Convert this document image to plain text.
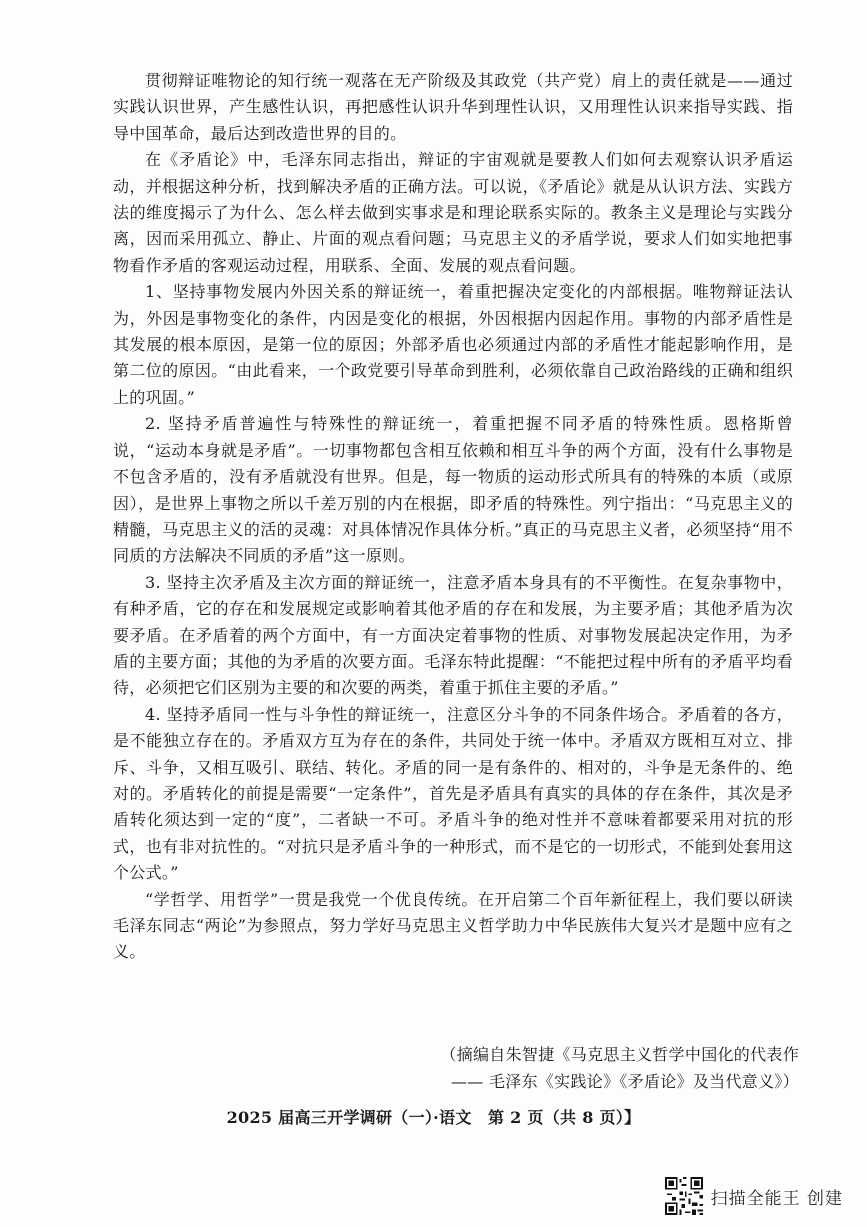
贯彻辩证唯物论的知行统一观落在无产阶级及其政党（共产党）肩上的责任就是——通过实践认识世界，产生感性认识，再把感性认识升华到理性认识，又用理性认识来指导实践、指导中国革命，最后达到改造世界的目的。

在《矛盾论》中，毛泽东同志指出，辩证的宇宙观就是要教人们如何去观察认识矛盾运动，并根据这种分析，找到解决矛盾的正确方法。可以说，《矛盾论》就是从认识方法、实践方法的维度揭示了为什么、怎么样去做到实事求是和理论联系实际的。教条主义是理论与实践分离，因而采用孤立、静止、片面的观点看问题；马克思主义的矛盾学说，要求人们如实地把事物看作矛盾的客观运动过程，用联系、全面、发展的观点看问题。

1、坚持事物发展内外因关系的辩证统一，着重把握决定变化的内部根据。唯物辩证法认为，外因是事物变化的条件，内因是变化的根据，外因根据内因起作用。事物的内部矛盾性是其发展的根本原因，是第一位的原因；外部矛盾也必须通过内部的矛盾性才能起影响作用，是第二位的原因。“由此看来，一个政党要引导革命到胜利，必须依靠自己政治路线的正确和组织上的巩固。”

2. 坚持矛盾普遍性与特殊性的辩证统一，着重把握不同矛盾的特殊性质。恩格斯曾说，“运动本身就是矛盾”。一切事物都包含相互依赖和相互斗争的两个方面，没有什么事物是不包含矛盾的，没有矛盾就没有世界。但是，每一物质的运动形式所具有的特殊的本质（或原因），是世界上事物之所以千差万别的内在根据，即矛盾的特殊性。列宁指出：“马克思主义的精髓，马克思主义的活的灵魂：对具体情况作具体分析。”真正的马克思主义者，必须坚持“用不同质的方法解决不同质的矛盾”这一原则。

3. 坚持主次矛盾及主次方面的辩证统一，注意矛盾本身具有的不平衡性。在复杂事物中，有种矛盾，它的存在和发展规定或影响着其他矛盾的存在和发展，为主要矛盾；其他矛盾为次要矛盾。在矛盾着的两个方面中，有一方面决定着事物的性质、对事物发展起决定作用，为矛盾的主要方面；其他的为矛盾的次要方面。毛泽东特此提醒：“不能把过程中所有的矛盾平均看待，必须把它们区别为主要的和次要的两类，着重于抓住主要的矛盾。”

4. 坚持矛盾同一性与斗争性的辩证统一，注意区分斗争的不同条件场合。矛盾着的各方，是不能独立存在的。矛盾双方互为存在的条件，共同处于统一体中。矛盾双方既相互对立、排斥、斗争，又相互吸引、联结、转化。矛盾的同一是有条件的、相对的，斗争是无条件的、绝对的。矛盾转化的前提是需要“一定条件”，首先是矛盾具有真实的具体的存在条件，其次是矛盾转化须达到一定的“度”，二者缺一不可。矛盾斗争的绝对性并不意味着都要采用对抗的形式，也有非对抗性的。“对抗只是矛盾斗争的一种形式，而不是它的一切形式，不能到处套用这个公式。”

“学哲学、用哲学”一贯是我党一个优良传统。在开启第二个百年新征程上，我们要以研读毛泽东同志“两论”为参照点，努力学好马克思主义哲学助力中华民族伟大复兴才是题中应有之义。

（摘编自朱智捷《马克思主义哲学中国化的代表作
—— 毛泽东《实践论》《矛盾论》及当代意义》）
2025 届高三开学调研（一）·语文　第 2 页（共 8 页）】
扫描全能王 创建
